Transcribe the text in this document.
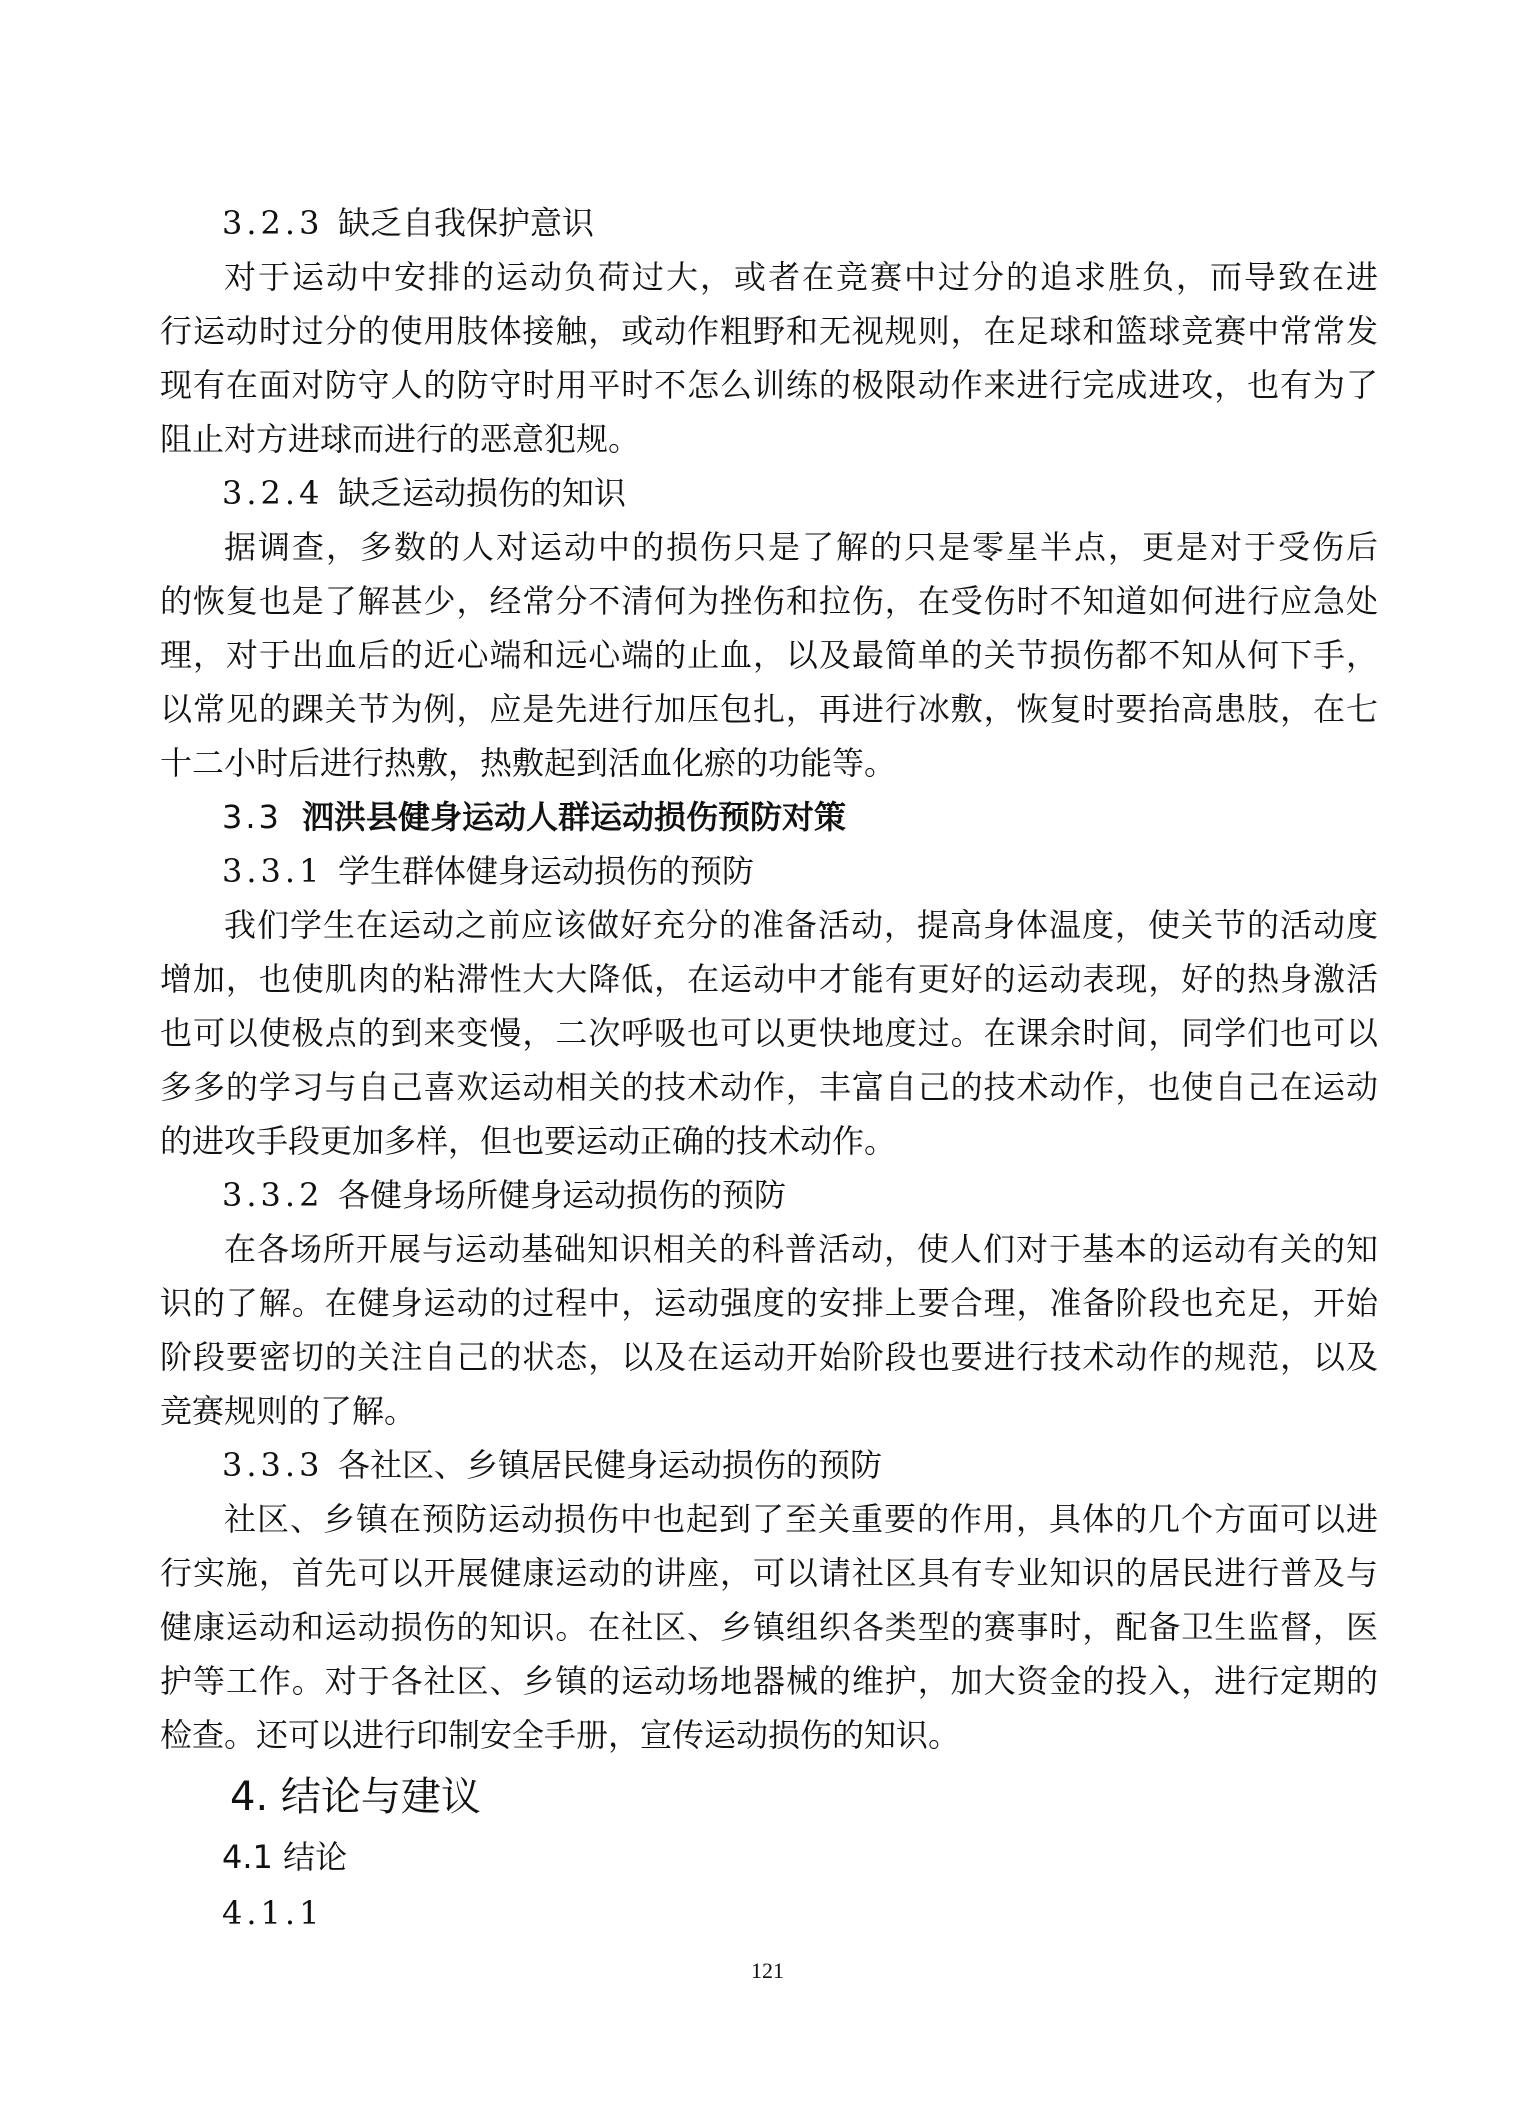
3.2.3 缺乏自我保护意识
对于运动中安排的运动负荷过大，或者在竞赛中过分的追求胜负，而导致在进
行运动时过分的使用肢体接触，或动作粗野和无视规则，在足球和篮球竞赛中常常发
现有在面对防守人的防守时用平时不怎么训练的极限动作来进行完成进攻，也有为了
阻止对方进球而进行的恶意犯规。
3.2.4 缺乏运动损伤的知识
据调查，多数的人对运动中的损伤只是了解的只是零星半点，更是对于受伤后
的恢复也是了解甚少，经常分不清何为挫伤和拉伤，在受伤时不知道如何进行应急处
理，对于出血后的近心端和远心端的止血，以及最简单的关节损伤都不知从何下手，
以常见的踝关节为例，应是先进行加压包扎，再进行冰敷，恢复时要抬高患肢，在七
十二小时后进行热敷，热敷起到活血化瘀的功能等。
3.3 泗洪县健身运动人群运动损伤预防对策
3.3.1 学生群体健身运动损伤的预防
我们学生在运动之前应该做好充分的准备活动，提高身体温度，使关节的活动度
增加，也使肌肉的粘滞性大大降低，在运动中才能有更好的运动表现，好的热身激活
也可以使极点的到来变慢，二次呼吸也可以更快地度过。在课余时间，同学们也可以
多多的学习与自己喜欢运动相关的技术动作，丰富自己的技术动作，也使自己在运动
的进攻手段更加多样，但也要运动正确的技术动作。
3.3.2 各健身场所健身运动损伤的预防
在各场所开展与运动基础知识相关的科普活动，使人们对于基本的运动有关的知
识的了解。在健身运动的过程中，运动强度的安排上要合理，准备阶段也充足，开始
阶段要密切的关注自己的状态，以及在运动开始阶段也要进行技术动作的规范，以及
竞赛规则的了解。
3.3.3 各社区、乡镇居民健身运动损伤的预防
社区、乡镇在预防运动损伤中也起到了至关重要的作用，具体的几个方面可以进
行实施，首先可以开展健康运动的讲座，可以请社区具有专业知识的居民进行普及与
健康运动和运动损伤的知识。在社区、乡镇组织各类型的赛事时，配备卫生监督，医
护等工作。对于各社区、乡镇的运动场地器械的维护，加大资金的投入，进行定期的
检查。还可以进行印制安全手册，宣传运动损伤的知识。
4. 结论与建议
4.1 结论
4.1.1
121
